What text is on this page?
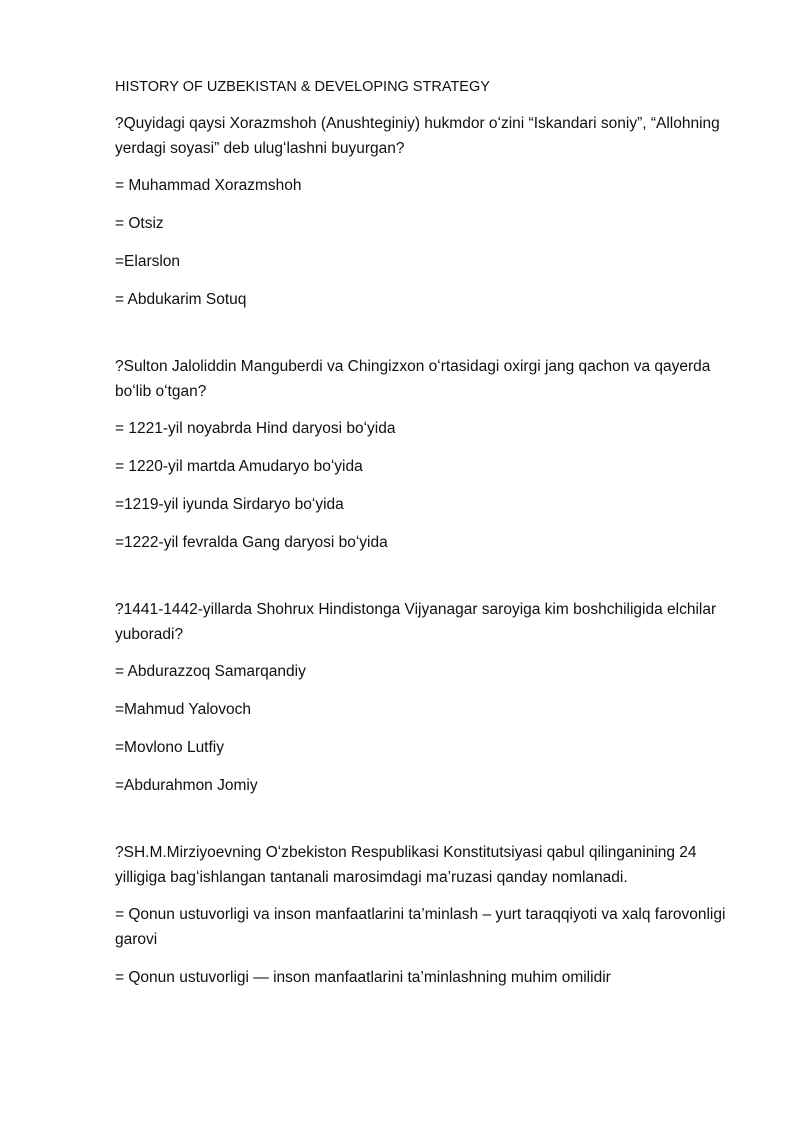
HISTORY OF UZBEKISTAN & DEVELOPING STRATEGY

?Quyidagi qaysi Xorazmshoh (Anushteginiy) hukmdor oʻzini “Iskandari soniy”, “Allohning yerdagi soyasi” deb ulugʻlashni buyurgan?

= Muhammad Xorazmshoh

= Otsiz

=Elarslon

= Abdukarim Sotuq

?Sulton Jaloliddin Manguberdi va Chingizxon oʻrtasidagi oxirgi jang qachon va qayerda boʻlib oʻtgan?

= 1221-yil noyabrda Hind daryosi boʻyida

= 1220-yil martda Amudaryo boʻyida

=1219-yil iyunda Sirdaryo boʻyida

=1222-yil fevralda Gang daryosi boʻyida

?1441-1442-yillarda Shohrux Hindistonga Vijyanagar saroyiga kim boshchiligida elchilar yuboradi?

= Abdurazzoq Samarqandiy

=Mahmud Yalovoch

=Movlono Lutfiy

=Abdurahmon Jomiy

?SH.M.Mirziyoevning Oʻzbekiston Respublikasi Konstitutsiyasi qabul qilinganining 24 yilligiga bagʻishlangan tantanali marosimdagi ma’ruzasi qanday nomlanadi.

= Qonun ustuvorligi va inson manfaatlarini ta’minlash – yurt taraqqiyoti va xalq farovonligi garovi

= Qonun ustuvorligi — inson manfaatlarini ta’minlashning muhim omilidir
